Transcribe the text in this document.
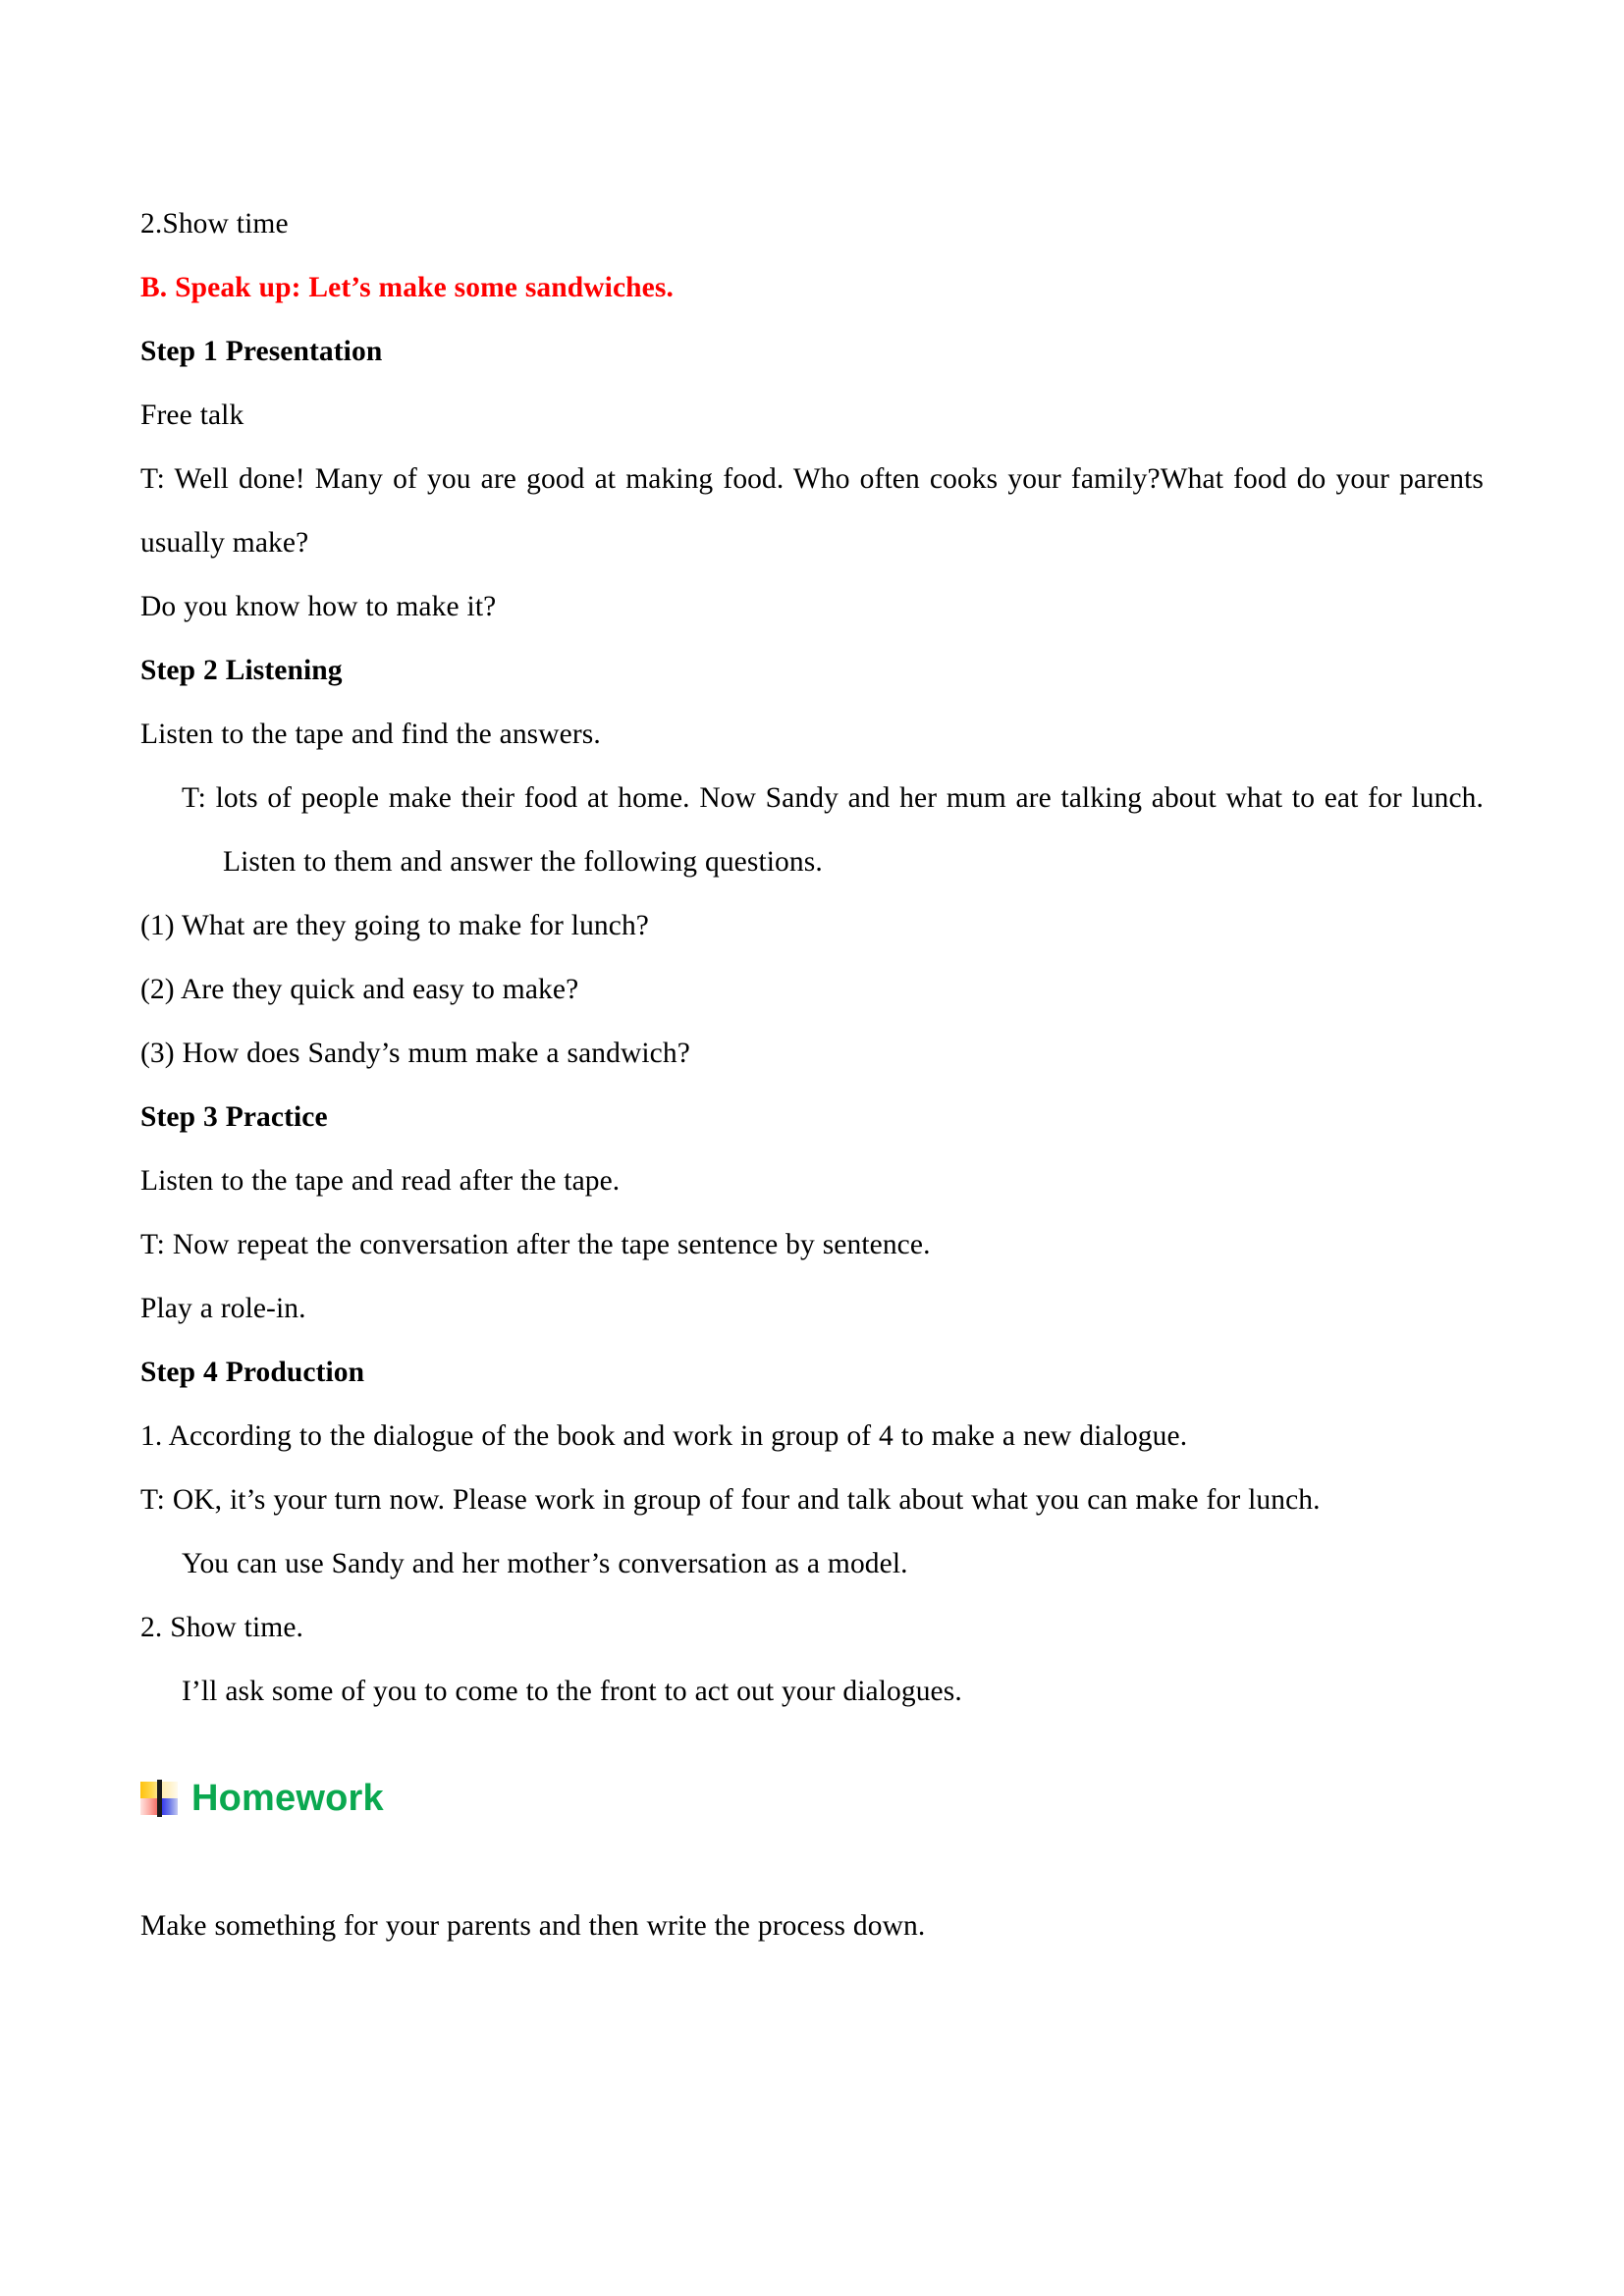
2.Show time

B. Speak up: Let’s make some sandwiches.

Step 1 Presentation

Free talk

T: Well done! Many of you are good at making food. Who often cooks your family?What food do your parents usually make?

Do you know how to make it?

Step 2 Listening

Listen to the tape and find the answers.

T: lots of people make their food at home. Now Sandy and her mum are talking about what to eat for lunch. Listen to them and answer the following questions.

(1) What are they going to make for lunch?

(2) Are they quick and easy to make?

(3) How does Sandy’s mum make a sandwich?

Step 3 Practice

Listen to the tape and read after the tape.

T: Now repeat the conversation after the tape sentence by sentence.

Play a role-in.

Step 4 Production

1. According to the dialogue of the book and work in group of 4 to make a new dialogue.

T: OK, it’s your turn now. Please work in group of four and talk about what you can make for lunch.

You can use Sandy and her mother’s conversation as a model.

2. Show time.

I’ll ask some of you to come to the front to act out your dialogues.

Homework

Make something for your parents and then write the process down.
